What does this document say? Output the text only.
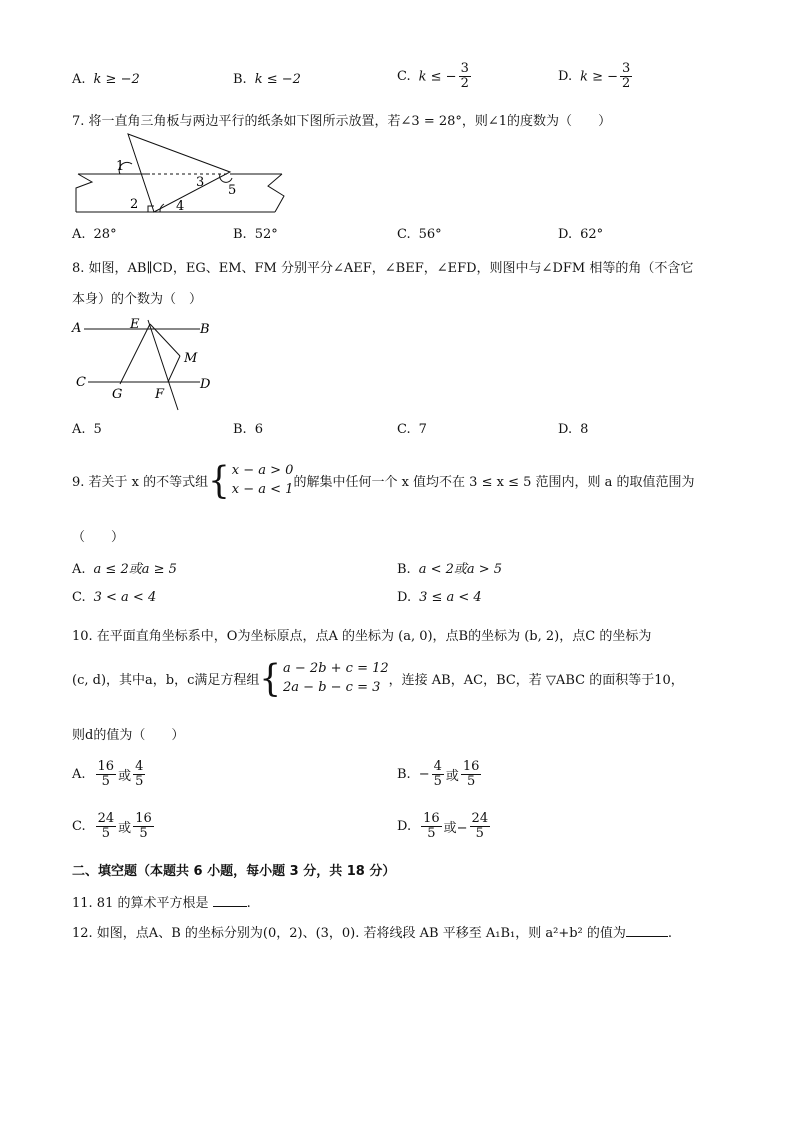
A. k ≥ −2	B. k ≤ −2	C. k ≤ − $\frac{3}{2}$	D. k ≥ − $\frac{3}{2}$
7. 将一直角三角板与两边平行的纸条如下图所示放置，若∠3 = 28°，则∠1的度数为（　　）
1
2
3
4
5
A. 28°	B. 52°	C. 56°	D. 62°
8. 如图，AB∥CD，EG、EM、FM 分别平分∠AEF，∠BEF，∠EFD，则图中与∠DFM 相等的角（不含它
本身）的个数为（　）
A	E	B
M
C
G	F
D
A. 5	B. 6	C. 7	D. 8
9. 若关于 x 的不等式组 { x − a > 0
x − a < 1 的解集中任何一个 x 值均不在 3 ≤ x ≤ 5 范围内，则 a 的取值范围为
（　　）
A. a ≤ 2或a ≥ 5	B. a < 2或a > 5
C. 3 < a < 4	D. 3 ≤ a < 4
10. 在平面直角坐标系中，O为坐标原点，点A 的坐标为 (a, 0)，点B的坐标为 (b, 2)，点C 的坐标为
(c, d)，其中a，b，c满足方程组 { a − 2b + c = 12
2a − b − c = 3 ，连接 AB，AC，BC，若 ▽ABC 的面积等于10，
则d的值为（　　）
A. $\frac{16}{5}$ 或 $\frac{4}{5}$	B. − $\frac{4}{5}$ 或 $\frac{16}{5}$
C. $\frac{24}{5}$ 或 $\frac{16}{5}$	D. $\frac{16}{5}$ 或− $\frac{24}{5}$
二、填空题（本题共 6 小题，每小题 3 分，共 18 分）
11. 81 的算术平方根是	.
12. 如图，点A、B 的坐标分别为(0，2)、(3，0). 若将线段 AB 平移至 A₁B₁，则 a²+b² 的值为	.
